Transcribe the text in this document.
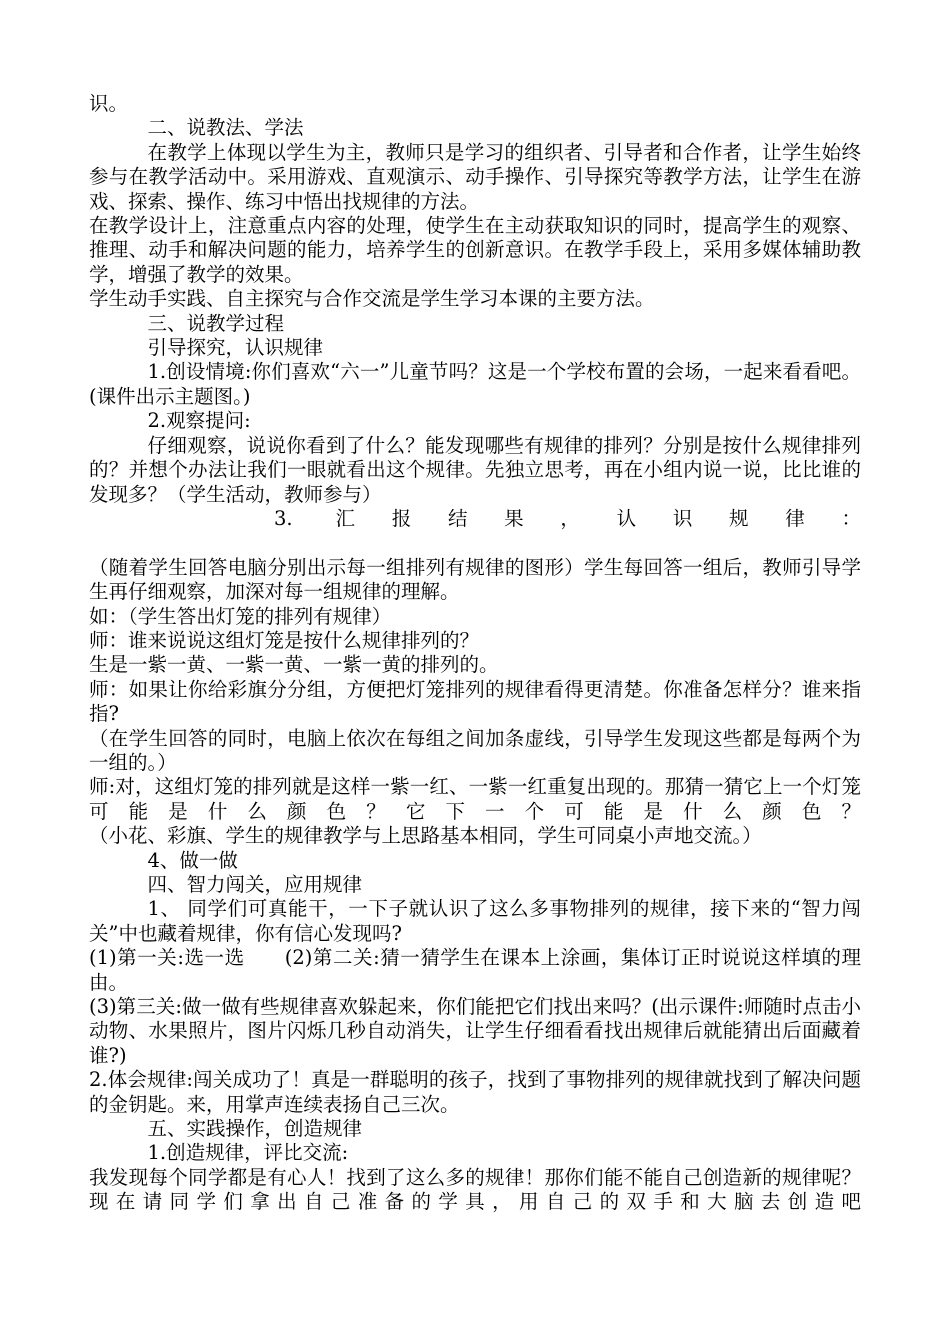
识。

二、说教法、学法

在教学上体现以学生为主，教师只是学习的组织者、引导者和合作者，让学生始终参与在教学活动中。采用游戏、直观演示、动手操作、引导探究等教学方法，让学生在游戏、探索、操作、练习中悟出找规律的方法。

在教学设计上，注意重点内容的处理，使学生在主动获取知识的同时，提高学生的观察、推理、动手和解决问题的能力，培养学生的创新意识。在教学手段上，采用多媒体辅助教学，增强了教学的效果。

学生动手实践、自主探究与合作交流是学生学习本课的主要方法。

三、说教学过程

引导探究，认识规律

1.创设情境:你们喜欢“六一”儿童节吗？这是一个学校布置的会场，一起来看看吧。(课件出示主题图。)

2.观察提问:

仔细观察，说说你看到了什么？能发现哪些有规律的排列？分别是按什么规律排列的？并想个办法让我们一眼就看出这个规律。先独立思考，再在小组内说一说，比比谁的发现多？（学生活动，教师参与）

3. 汇报结果，认识规律：

（随着学生回答电脑分别出示每一组排列有规律的图形）学生每回答一组后，教师引导学生再仔细观察，加深对每一组规律的理解。

如：（学生答出灯笼的排列有规律）

师：谁来说说这组灯笼是按什么规律排列的？

生是一紫一黄、一紫一黄、一紫一黄的排列的。

师：如果让你给彩旗分分组，方便把灯笼排列的规律看得更清楚。你准备怎样分？谁来指指?

（在学生回答的同时，电脑上依次在每组之间加条虚线，引导学生发现这些都是每两个为一组的。）

师:对，这组灯笼的排列就是这样一紫一红、一紫一红重复出现的。那猜一猜它上一个灯笼可能是什么颜色？它下一个可能是什么颜色？

（小花、彩旗、学生的规律教学与上思路基本相同，学生可同桌小声地交流。）

4、做一做

四、智力闯关，应用规律

1、 同学们可真能干，一下子就认识了这么多事物排列的规律，接下来的“智力闯关”中也藏着规律，你有信心发现吗?

(1)第一关:选一选　　(2)第二关:猜一猜学生在课本上涂画，集体订正时说说这样填的理由。

(3)第三关:做一做有些规律喜欢躲起来，你们能把它们找出来吗？(出示课件:师随时点击小动物、水果照片，图片闪烁几秒自动消失，让学生仔细看看找出规律后就能猜出后面藏着谁?)

2.体会规律:闯关成功了！真是一群聪明的孩子，找到了事物排列的规律就找到了解决问题的金钥匙。来，用掌声连续表扬自己三次。

五、实践操作，创造规律

1.创造规律，评比交流:

我发现每个同学都是有心人！找到了这么多的规律！那你们能不能自己创造新的规律呢？现在请同学们拿出自己准备的学具，用自己的双手和大脑去创造吧
